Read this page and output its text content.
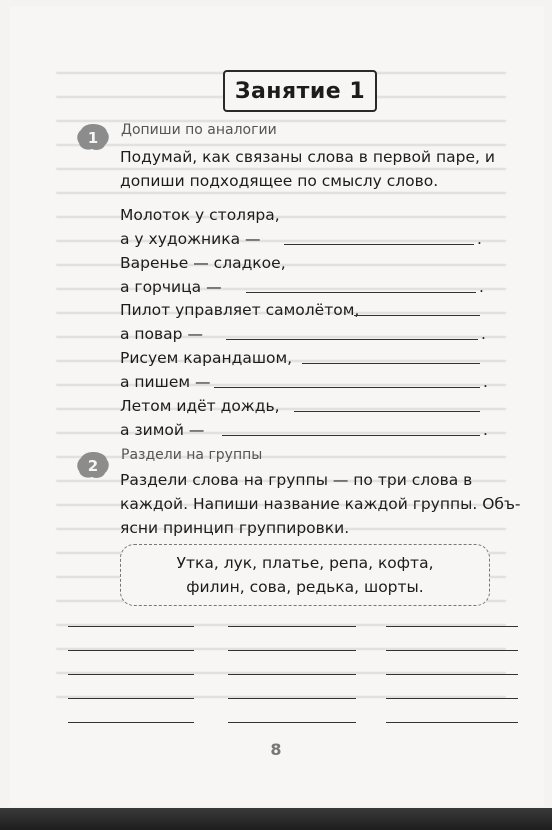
Занятие 1
1 Допиши по аналогии
Подумай, как связаны слова в первой паре, и
допиши подходящее по смыслу слово.
Молоток у столяра,
а у художника —	.
Варенье — сладкое,
а горчица —	.
Пилот управляет самолётом,
а повар —	.
Рисуем карандашом,
а пишем —	.
Летом идёт дождь,
а зимой —	.
2
Раздели на группы
Раздели слова на группы — по три слова в
каждой. Напиши название каждой группы. Объ-
ясни принцип группировки.
Утка, лук, платье, репа, кофта,
филин, сова, редька, шорты.
8
